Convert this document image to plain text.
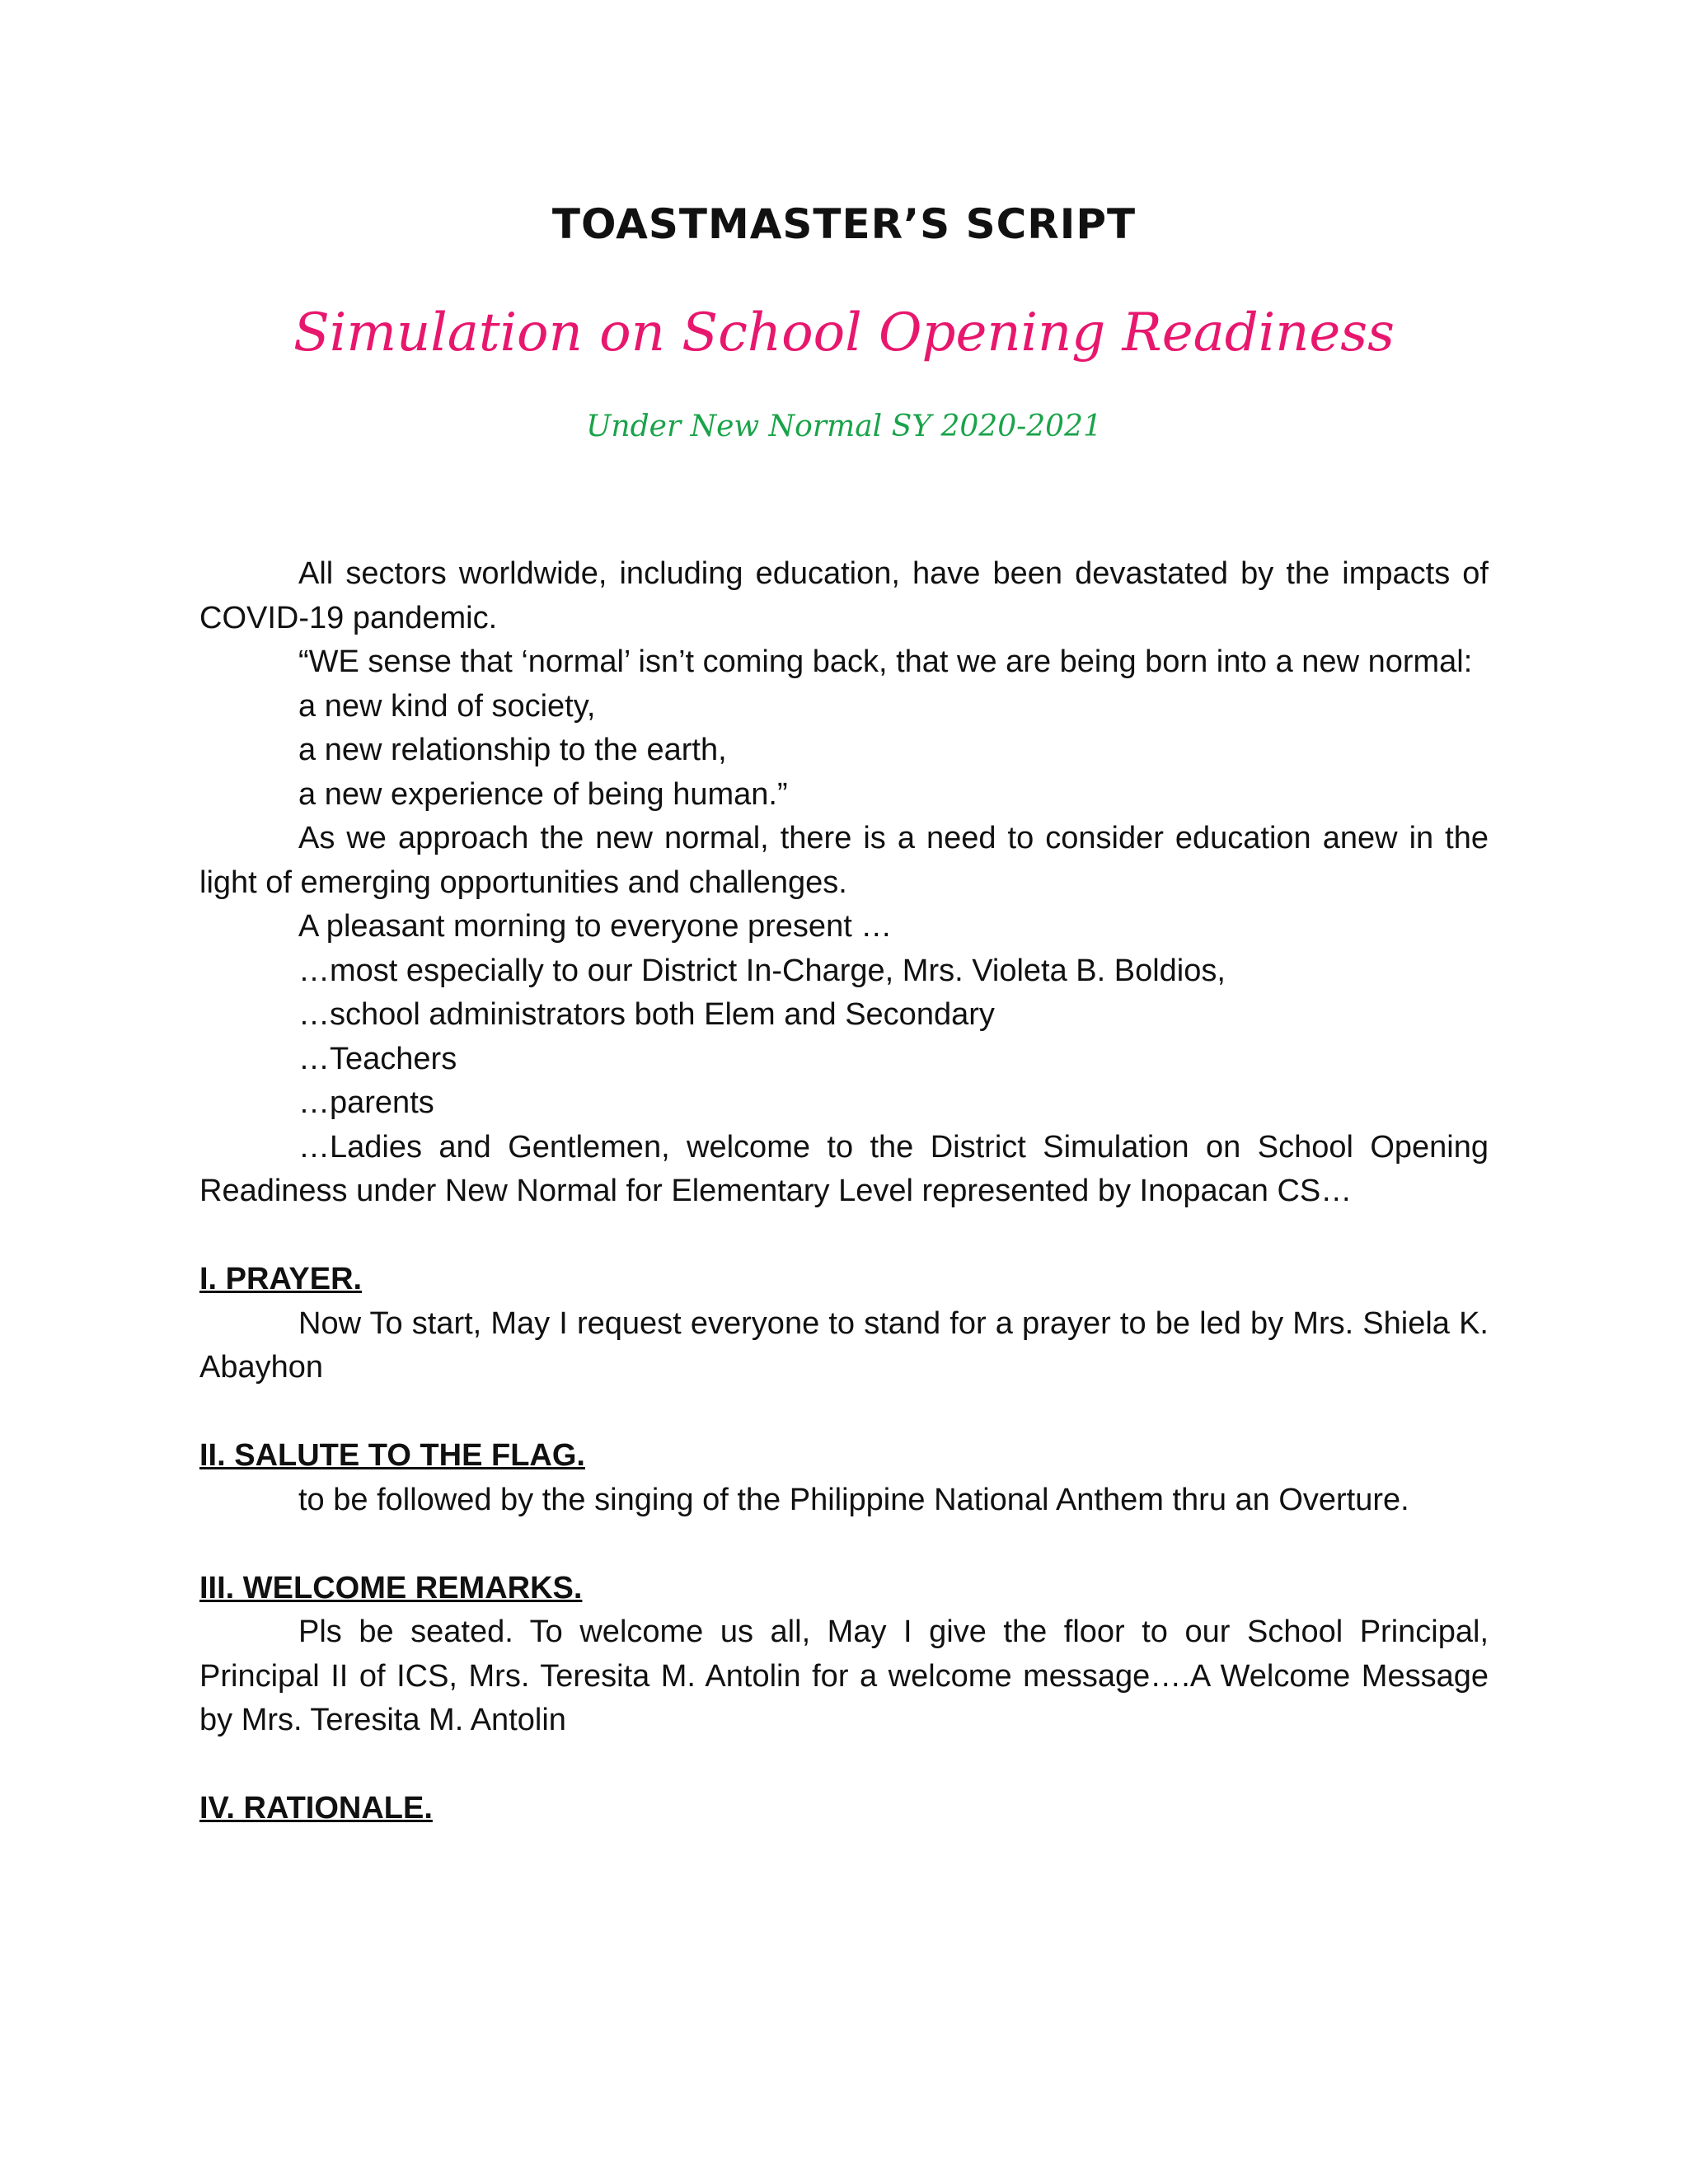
TOASTMASTER’S SCRIPT
Simulation on School Opening Readiness
Under New Normal SY 2020-2021

All sectors worldwide, including education, have been devastated by the impacts of COVID-19 pandemic.

“WE sense that ‘normal’ isn’t coming back, that we are being born into a new normal:

a new kind of society,

a new relationship to the earth,

a new experience of being human.”

As we approach the new normal, there is a need to consider education anew in the light of emerging opportunities and challenges.

A pleasant morning to everyone present …

…most especially to our District In-Charge, Mrs. Violeta B. Boldios,

…school administrators both Elem and Secondary

…Teachers

…parents

…Ladies and Gentlemen, welcome to the District Simulation on School Opening Readiness under New Normal for Elementary Level represented by Inopacan CS…

I. PRAYER.

Now To start, May I request everyone to stand for a prayer to be led by Mrs. Shiela K. Abayhon

II. SALUTE TO THE FLAG.

to be followed by the singing of the Philippine National Anthem thru an Overture.

III. WELCOME REMARKS.

Pls be seated. To welcome us all, May I give the floor to our School Principal, Principal II of ICS, Mrs. Teresita M. Antolin for a welcome message….A Welcome Message by Mrs. Teresita M. Antolin

IV. RATIONALE.
